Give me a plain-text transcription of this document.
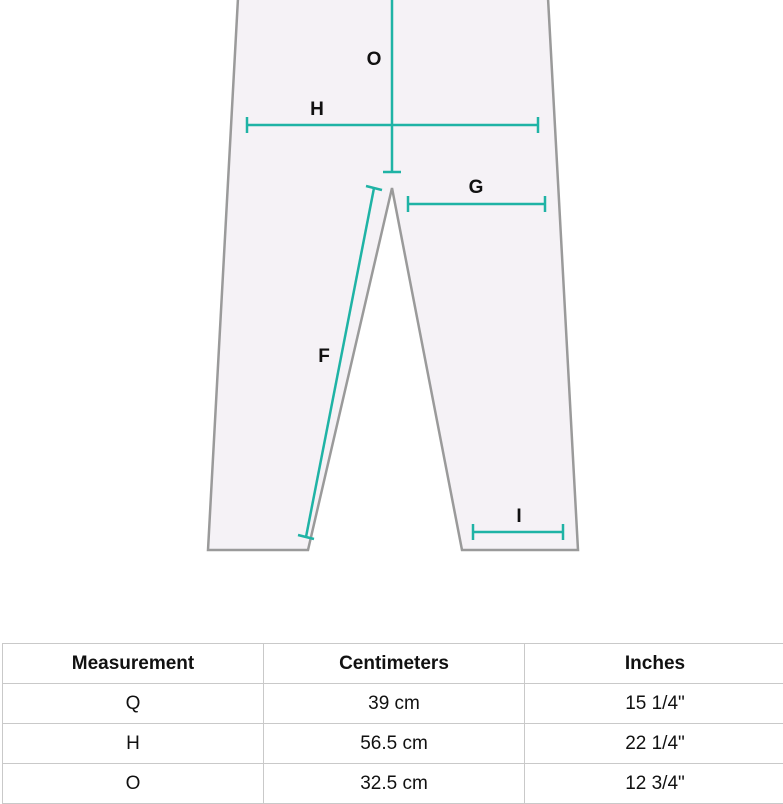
O
H
G
F
I
Measurement	Centimeters	Inches
Q	39 cm	15 1/4"
H	56.5 cm	22 1/4"
O	32.5 cm	12 3/4"
